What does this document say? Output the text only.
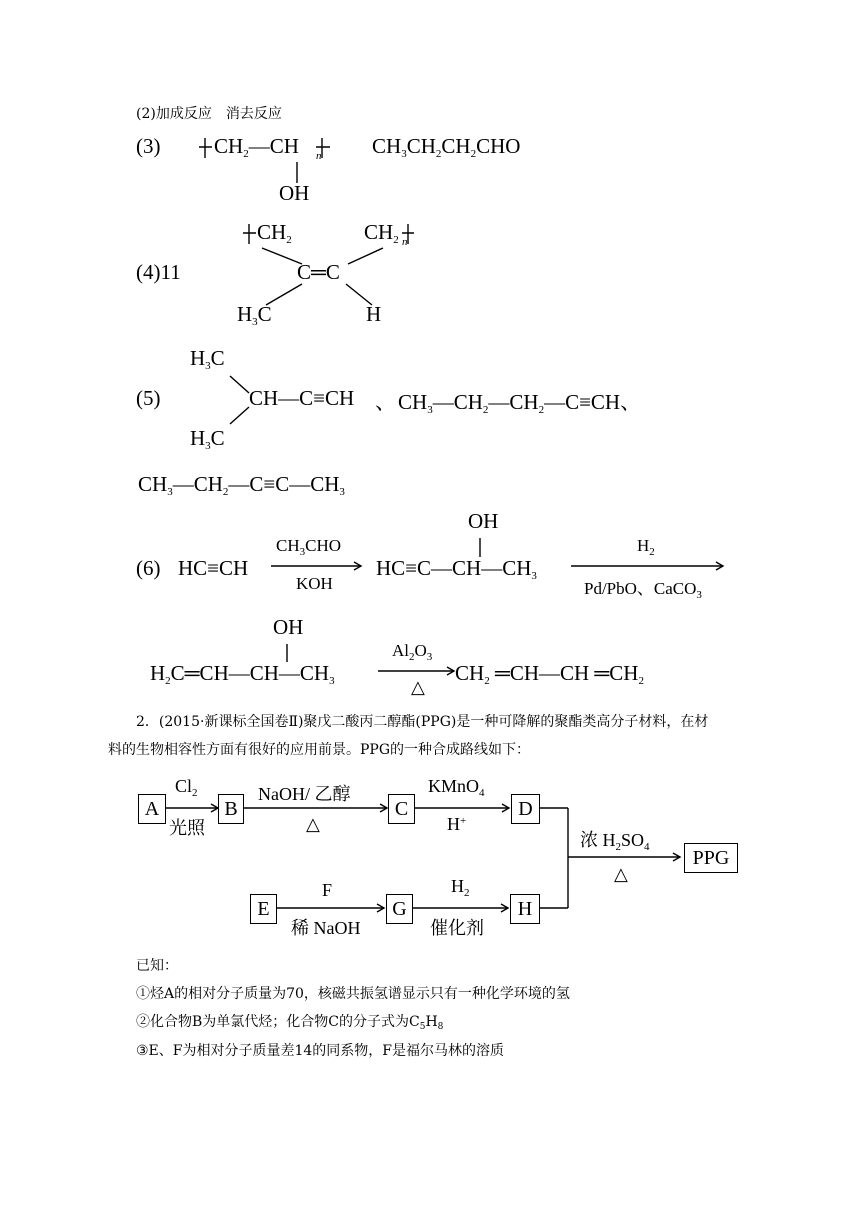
(2)加成反应　消去反应
(3)	$CH_2—CH$ n
OH
$CH_3CH_2CH_2CHO$
$CH_2$	$CH_2$ n
(4)11	C═C
$H_3C$	H
$H_3C$
(5)	CH—C≡CH 、 $CH_3—CH_2—CH_2—C\equiv CH$、
$H_3C$
$CH_3—CH_2—C\equiv C—CH_3$
OH
$CH_3CHO$
(6) HC≡CH	$HC\equiv C—CH—CH_3$
$H_2$
KOH	Pd/PbO、CaCO$_3$
OH
$Al_2O_3$
$H_2C═CH—CH—CH_3$	$CH_2$ ═CH—CH $═CH_2$
△
2．(2015·新课标全国卷Ⅱ)聚戊二酸丙二醇酯(PPG)是一种可降解的聚酯类高分子材料，在材
料的生物相容性方面有很好的应用前景。PPG的一种合成路线如下：
A	B	C	D
E	G	H
PPG
$Cl_2$
光照
NaOH/ 乙醇
△
KMnO$_4$
H+
F
稀 NaOH
$H_2$
催化剂
浓 $H_2SO_4$
△
已知：
①烃A的相对分子质量为70，核磁共振氢谱显示只有一种化学环境的氢
②化合物B为单氯代烃；化合物C的分子式为$C_5H_8$
③E、F为相对分子质量差14的同系物，F是福尔马林的溶质
